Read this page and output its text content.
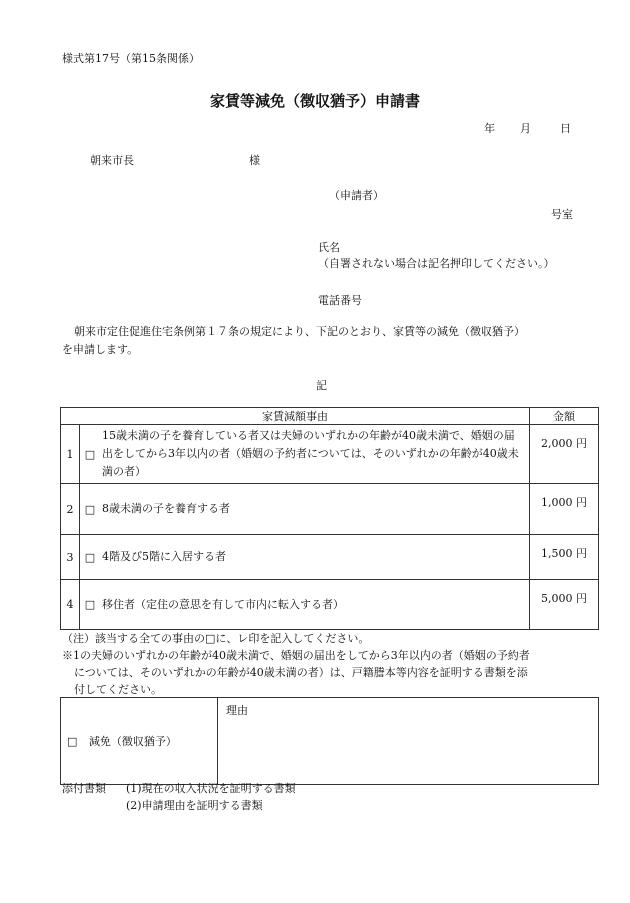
様式第17号（第15条関係）
家賃等減免（徴収猶予）申請書
年 月	日
朝来市長	様
（申請者）
号室
氏名
（自署されない場合は記名押印してください。）
電話番号
朝来市定住促進住宅条例第１７条の規定により、下記のとおり、家賃等の減免（徴収猶予）
を申請します。
記
家賃減額事由			金額
1	□	15歳未満の子を養育している者又は夫婦のいずれかの年齢が40歳未満で、婚姻の届出をしてから3年以内の者（婚姻の予約者については、そのいずれかの年齢が40歳未満の者）	2,000 円
2	□	8歳未満の子を養育する者	1,000 円
3	□	4階及び5階に入居する者	1,500 円
4	□	移住者（定住の意思を有して市内に転入する者）	5,000 円
（注）該当する全ての事由の□に、レ印を記入してください。
※1の夫婦のいずれかの年齢が40歳未満で、婚姻の届出をしてから3年以内の者（婚姻の予約者
については、そのいずれかの年齢が40歳未満の者）は、戸籍謄本等内容を証明する書類を添
付してください。
□ 減免（徴収猶予）	理由
添付書類 (1)現在の収入状況を証明する書類
(2)申請理由を証明する書類
